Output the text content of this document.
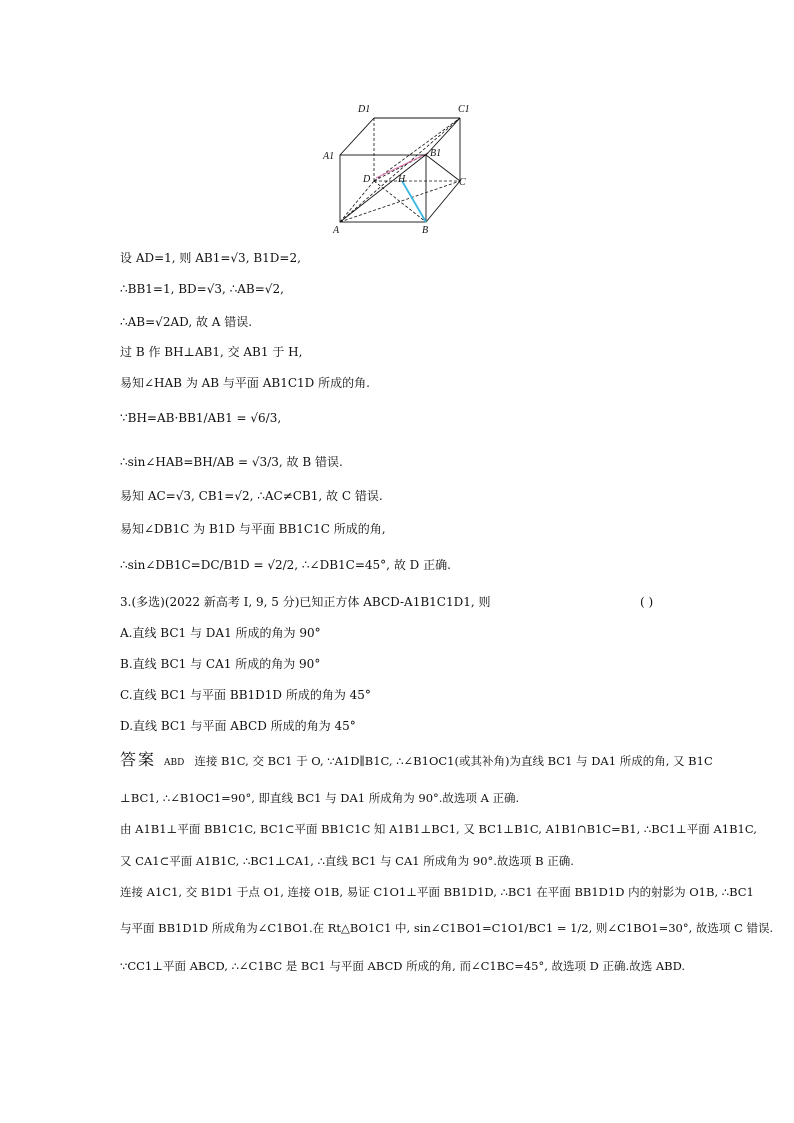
D1	C1
A1	B1
D	H	C
A	B
设 AD=1, 则 AB1=√3, B1D=2,
∴BB1=1, BD=√3, ∴AB=√2,
∴AB=√2AD, 故 A 错误.
过 B 作 BH⊥AB1, 交 AB1 于 H,
易知∠HAB 为 AB 与平面 AB1C1D 所成的角.
∵BH=AB·BB1/AB1 = √6/3,
∴sin∠HAB=BH/AB = √3/3, 故 B 错误.
易知 AC=√3, CB1=√2, ∴AC≠CB1, 故 C 错误.
易知∠DB1C 为 B1D 与平面 BB1C1C 所成的角,
∴sin∠DB1C=DC/B1D = √2/2, ∴∠DB1C=45°, 故 D 正确.
3.(多选)(2022 新高考 Ⅰ, 9, 5 分)已知正方体 ABCD-A1B1C1D1, 则	( )
A.直线 BC1 与 DA1 所成的角为 90°
B.直线 BC1 与 CA1 所成的角为 90°
C.直线 BC1 与平面 BB1D1D 所成的角为 45°
D.直线 BC1 与平面 ABCD 所成的角为 45°
答案 ABD 连接 B1C, 交 BC1 于 O, ∵A1D∥B1C, ∴∠B1OC1(或其补角)为直线 BC1 与 DA1 所成的角, 又 B1C
⊥BC1, ∴∠B1OC1=90°, 即直线 BC1 与 DA1 所成角为 90°.故选项 A 正确.
由 A1B1⊥平面 BB1C1C, BC1⊂平面 BB1C1C 知 A1B1⊥BC1, 又 BC1⊥B1C, A1B1∩B1C=B1, ∴BC1⊥平面 A1B1C,
又 CA1⊂平面 A1B1C, ∴BC1⊥CA1, ∴直线 BC1 与 CA1 所成角为 90°.故选项 B 正确.
连接 A1C1, 交 B1D1 于点 O1, 连接 O1B, 易证 C1O1⊥平面 BB1D1D, ∴BC1 在平面 BB1D1D 内的射影为 O1B, ∴BC1
与平面 BB1D1D 所成角为∠C1BO1.在 Rt△BO1C1 中, sin∠C1BO1=C1O1/BC1 = 1/2, 则∠C1BO1=30°, 故选项 C 错误.
∵CC1⊥平面 ABCD, ∴∠C1BC 是 BC1 与平面 ABCD 所成的角, 而∠C1BC=45°, 故选项 D 正确.故选 ABD.
